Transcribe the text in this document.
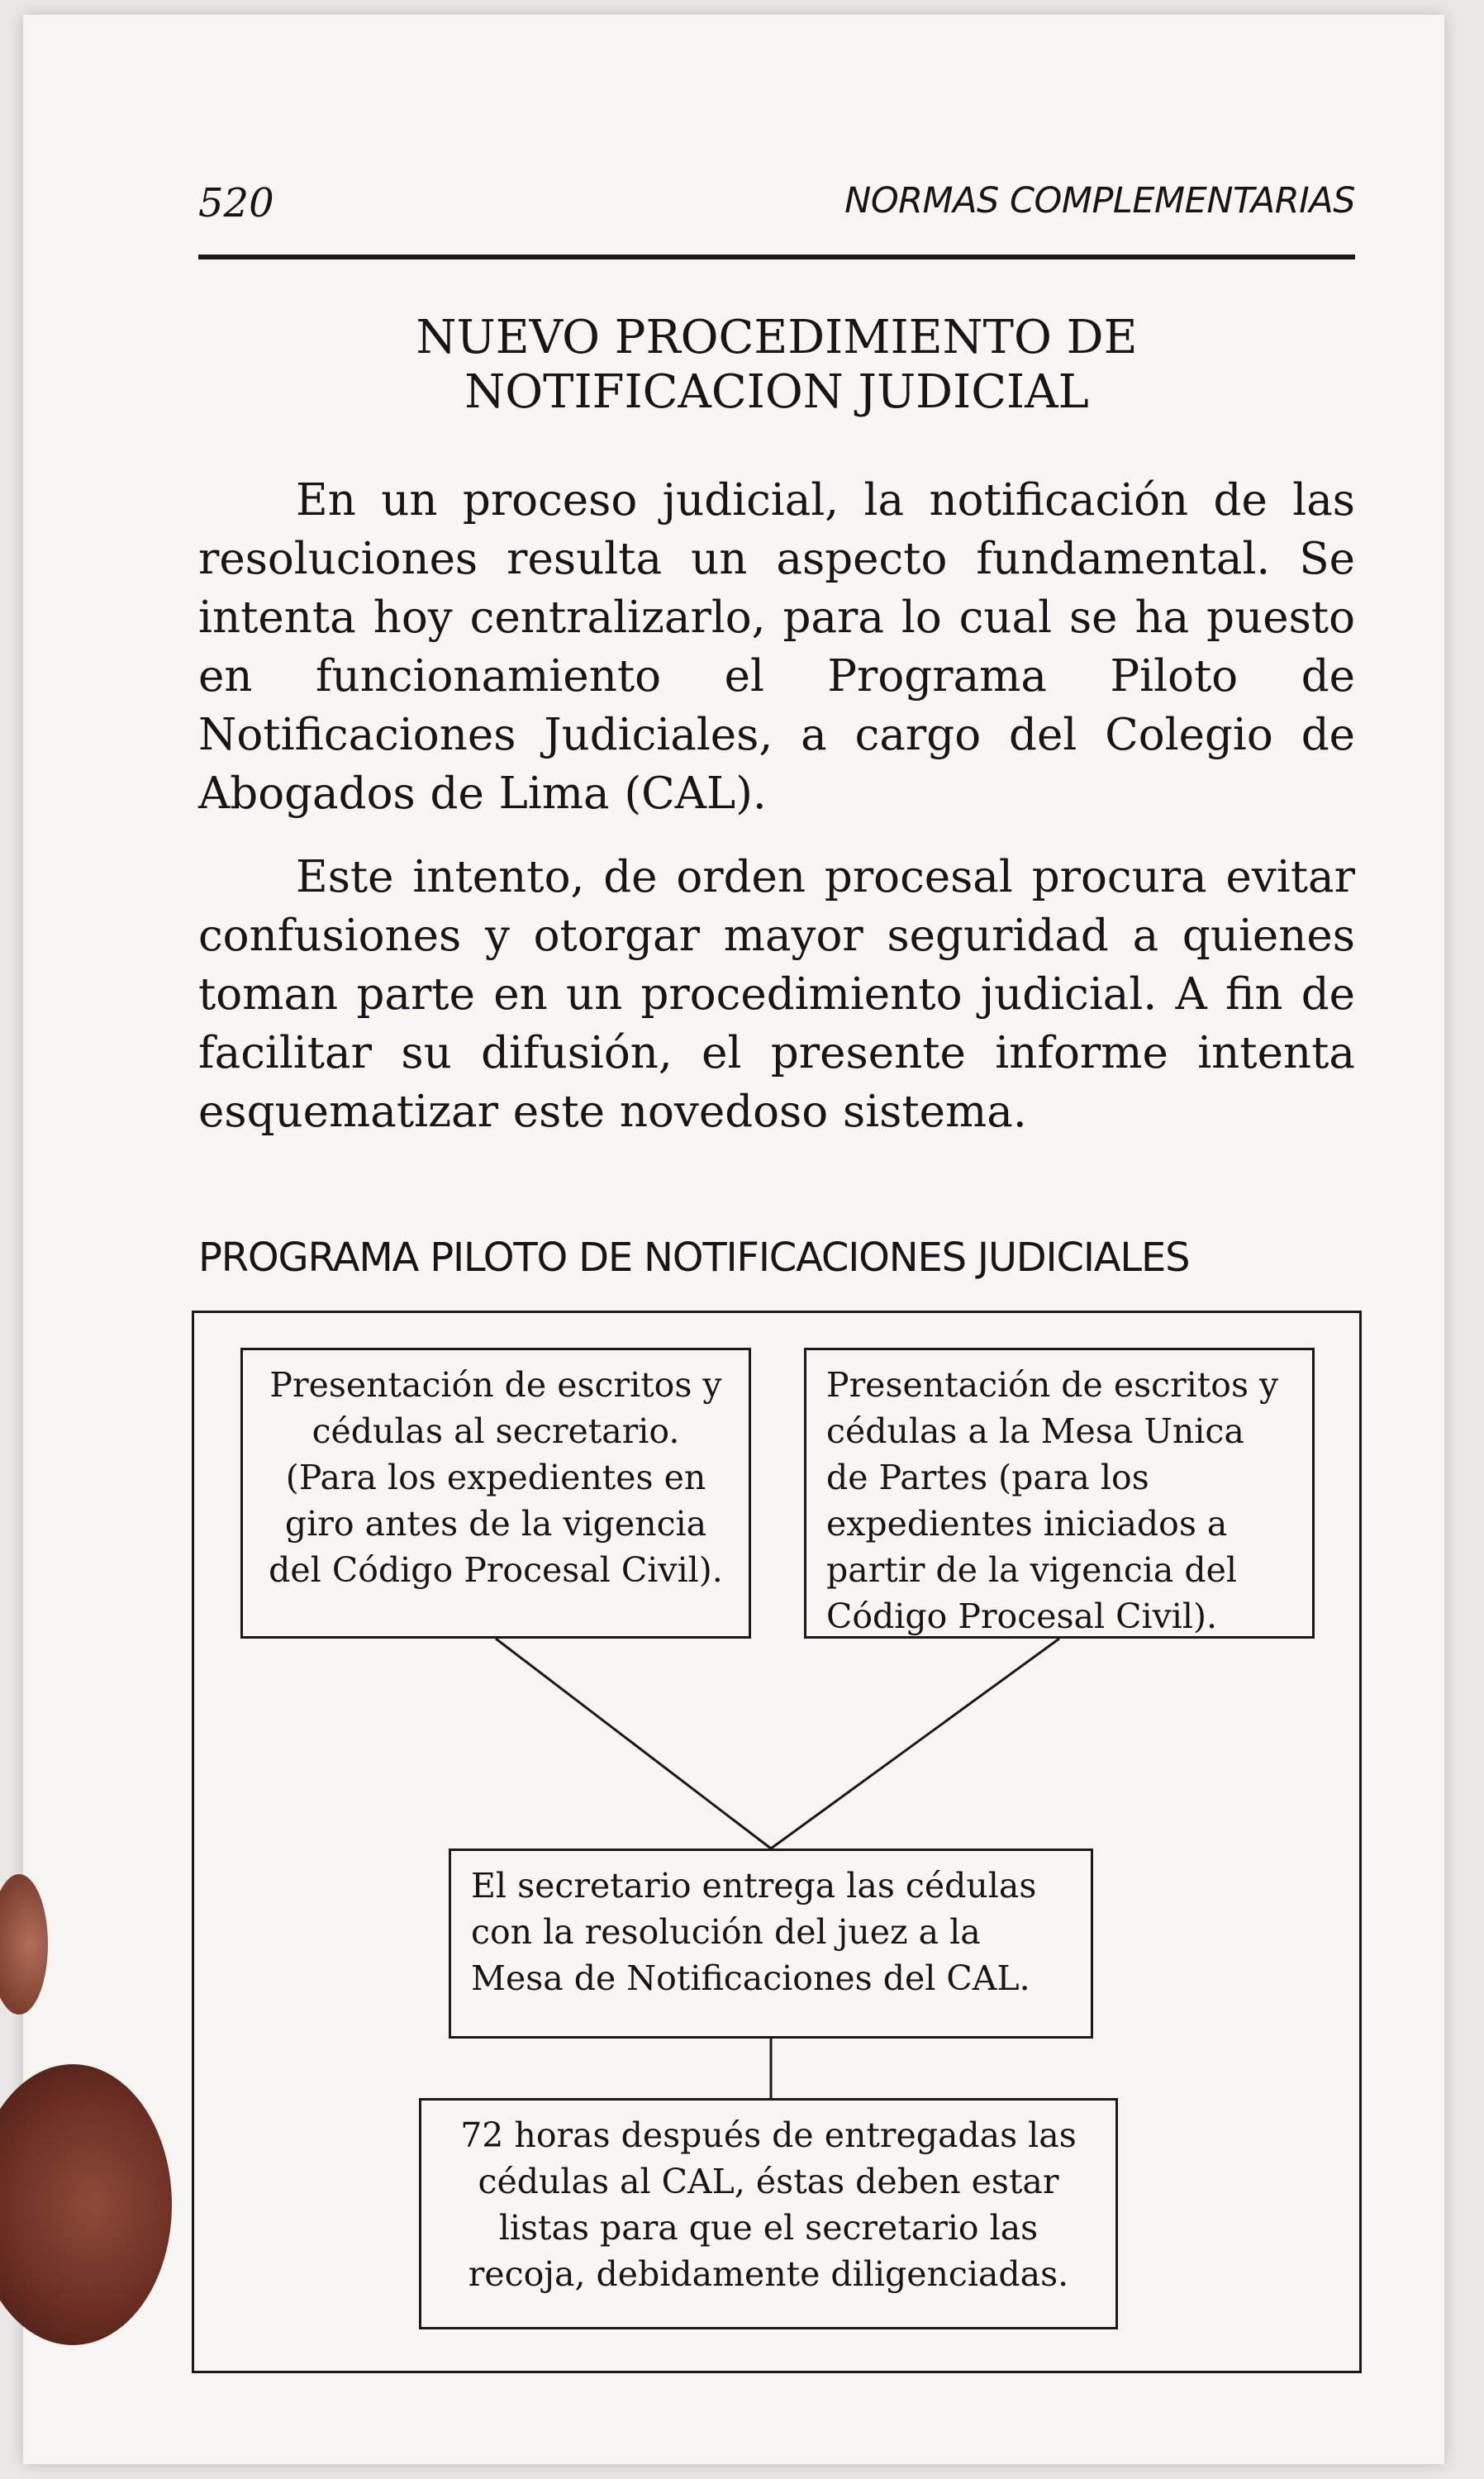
520	NORMAS COMPLEMENTARIAS
NUEVO PROCEDIMIENTO DE
NOTIFICACION JUDICIAL
En un proceso judicial, la notificación de las resoluciones resulta un aspecto fundamental. Se intenta hoy centralizarlo, para lo cual se ha puesto en funcionamiento el Programa Piloto de Notificaciones Judiciales, a cargo del Colegio de Abogados de Lima (CAL).
Este intento, de orden procesal procura evitar confusiones y otorgar mayor seguridad a quienes toman parte en un procedimiento judicial. A fin de facilitar su difusión, el presente informe intenta esquematizar este novedoso sistema.
PROGRAMA PILOTO DE NOTIFICACIONES JUDICIALES
Presentación de escritos y cédulas al secretario. (Para los expedientes en giro antes de la vigencia del Código Procesal Civil).
Presentación de escritos y cédulas a la Mesa Unica de Partes (para los expedientes iniciados a partir de la vigencia del Código Procesal Civil).
El secretario entrega las cédulas con la resolución del juez a la Mesa de Notificaciones del CAL.
72 horas después de entregadas las cédulas al CAL, éstas deben estar listas para que el secretario las recoja, debidamente diligenciadas.
